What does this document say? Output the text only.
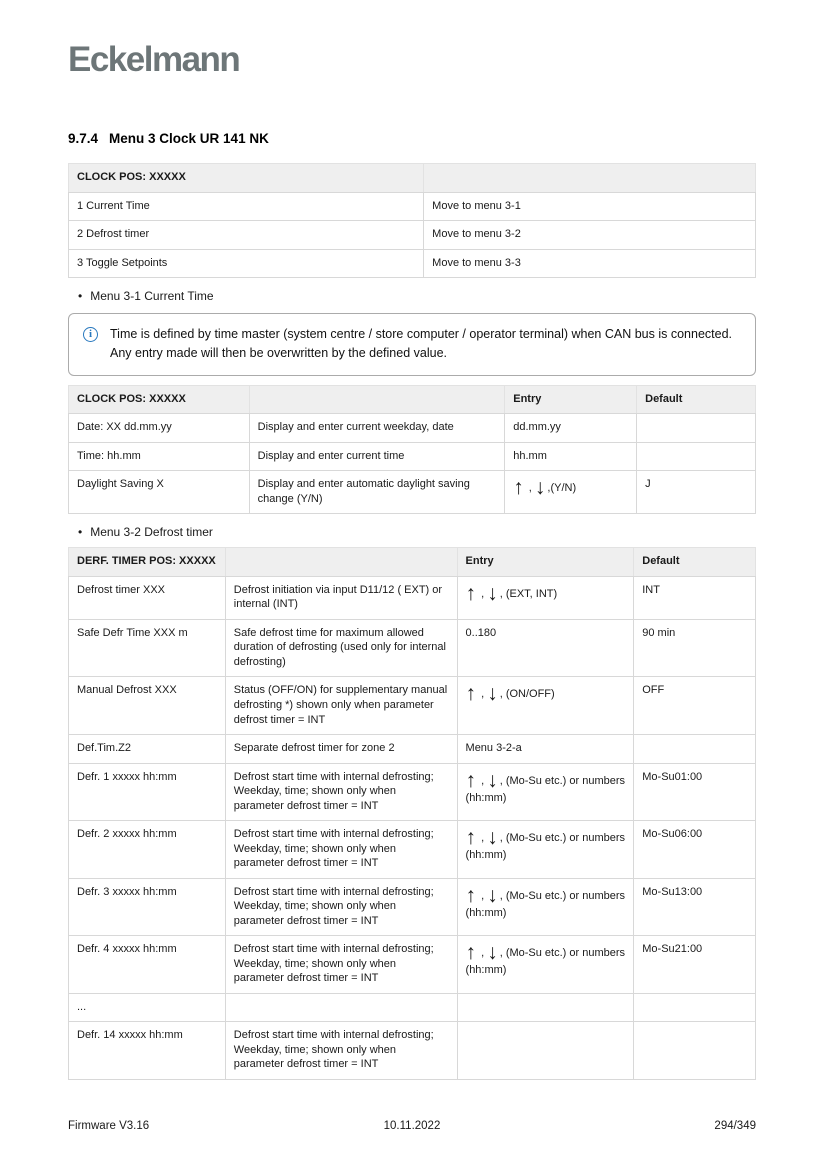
Eckelmann
9.7.4 Menu 3 Clock UR 141 NK
CLOCK POS: XXXXX	
1 Current Time	Move to menu 3-1
2 Defrost timer	Move to menu 3-2
3 Toggle Setpoints	Move to menu 3-3
• Menu 3-1 Current Time
i	Time is defined by time master (system centre / store computer / operator terminal) when CAN bus is connected. Any entry made will then be overwritten by the defined value.
CLOCK POS: XXXXX		Entry	Default
Date: XX dd.mm.yy	Display and enter current weekday, date	dd.mm.yy	
Time: hh.mm	Display and enter current time	hh.mm	
Daylight Saving X	Display and enter automatic daylight saving change (Y/N)	↑ , ↓,(Y/N)	J
• Menu 3-2 Defrost timer
DERF. TIMER POS: XXXXX		Entry	Default
Defrost timer XXX	Defrost initiation via input D11/12 ( EXT) or internal (INT)	↑ , ↓, (EXT, INT)	INT
Safe Defr Time XXX m	Safe defrost time for maximum allowed duration of defrosting (used only for internal defrosting)	0..180	90 min
Manual Defrost XXX	Status (OFF/ON) for supplementary manual defrosting *) shown only when parameter defrost timer = INT	↑ , ↓, (ON/OFF)	OFF
Def.Tim.Z2	Separate defrost timer for zone 2	Menu 3-2-a	
Defr. 1 xxxxx hh:mm	Defrost start time with internal defrosting; Weekday, time; shown only when parameter defrost timer = INT	↑ , ↓, (Mo-Su etc.) or numbers (hh:mm)	Mo-Su01:00
Defr. 2 xxxxx hh:mm	Defrost start time with internal defrosting; Weekday, time; shown only when parameter defrost timer = INT	↑ , ↓, (Mo-Su etc.) or numbers (hh:mm)	Mo-Su06:00
Defr. 3 xxxxx hh:mm	Defrost start time with internal defrosting; Weekday, time; shown only when parameter defrost timer = INT	↑ , ↓, (Mo-Su etc.) or numbers (hh:mm)	Mo-Su13:00
Defr. 4 xxxxx hh:mm	Defrost start time with internal defrosting; Weekday, time; shown only when parameter defrost timer = INT	↑ , ↓, (Mo-Su etc.) or numbers (hh:mm)	Mo-Su21:00
...			
Defr. 14 xxxxx hh:mm	Defrost start time with internal defrosting; Weekday, time; shown only when parameter defrost timer = INT		
10.11.2022
Firmware V3.16	294/349
